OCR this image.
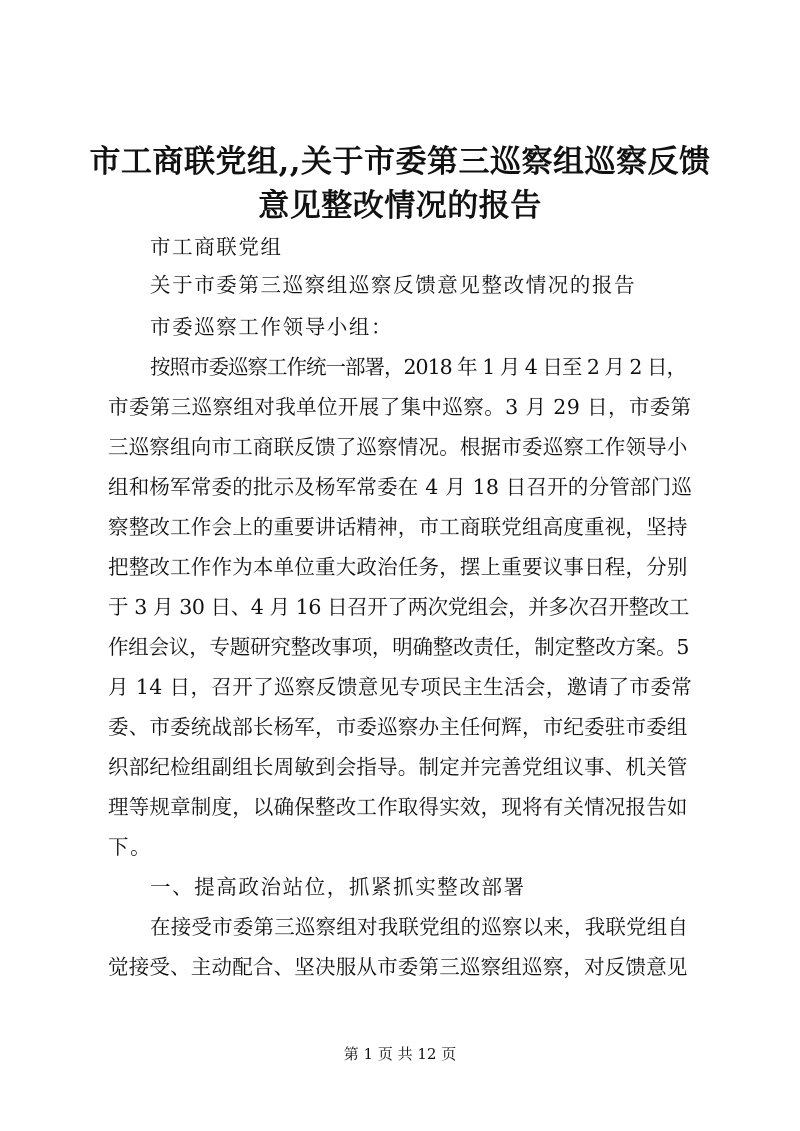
市工商联党组,,关于市委第三巡察组巡察反馈
意见整改情况的报告
市工商联党组
关于市委第三巡察组巡察反馈意见整改情况的报告
市委巡察工作领导小组：
按照市委巡察工作统一部署，2018 年 1 月 4 日至 2 月 2 日，
市委第三巡察组对我单位开展了集中巡察。3 月 29 日，市委第
三巡察组向市工商联反馈了巡察情况。根据市委巡察工作领导小
组和杨军常委的批示及杨军常委在 4 月 18 日召开的分管部门巡
察整改工作会上的重要讲话精神，市工商联党组高度重视，坚持
把整改工作作为本单位重大政治任务，摆上重要议事日程，分别
于 3 月 30 日、4 月 16 日召开了两次党组会，并多次召开整改工
作组会议，专题研究整改事项，明确整改责任，制定整改方案。5
月 14 日，召开了巡察反馈意见专项民主生活会，邀请了市委常
委、市委统战部长杨军，市委巡察办主任何辉，市纪委驻市委组
织部纪检组副组长周敏到会指导。制定并完善党组议事、机关管
理等规章制度，以确保整改工作取得实效，现将有关情况报告如
下。
一、提高政治站位，抓紧抓实整改部署
在接受市委第三巡察组对我联党组的巡察以来，我联党组自
觉接受、主动配合、坚决服从市委第三巡察组巡察，对反馈意见
第 1 页 共 12 页
